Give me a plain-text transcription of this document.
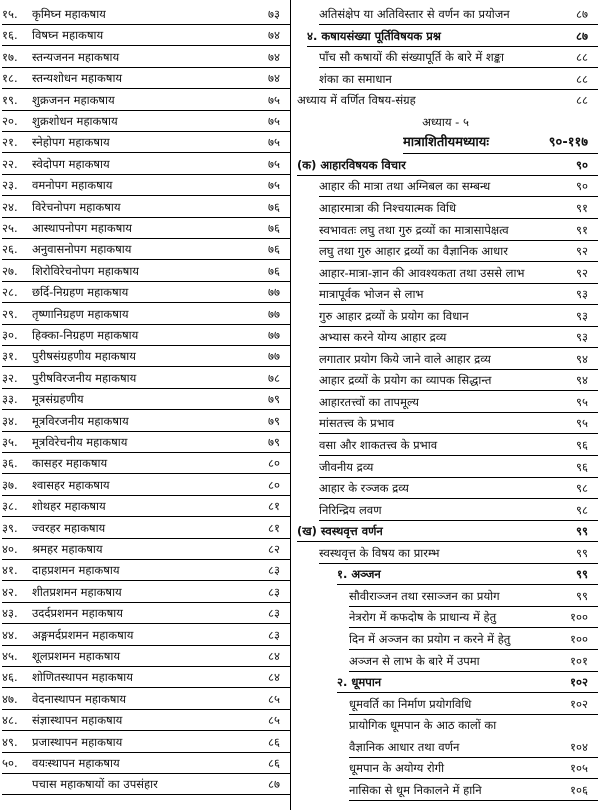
१५.	कृमिघ्न महाकषाय	७३
१६.	विषघ्न महाकषाय	७४
१७.	स्तन्यजनन महाकषाय	७४
१८.	स्तन्यशोधन महाकषाय	७४
१९.	शुक्रजनन महाकषाय	७५
२०.	शुक्रशोधन महाकषाय	७५
२१.	स्नेहोपग महाकषाय	७५
२२.	स्वेदोपग महाकषाय	७५
२३.	वमनोपग महाकषाय	७५
२४.	विरेचनोपग महाकषाय	७६
२५.	आस्थापनोपग महाकषाय	७६
२६.	अनुवासनोपग महाकषाय	७६
२७.	शिरोविरेचनोपग महाकषाय	७६
२८.	छर्दि-निग्रहण महाकषाय	७७
२९.	तृष्णानिग्रहण महाकषाय	७७
३०.	हिक्का-निग्रहण महाकषाय	७७
३१.	पुरीषसंग्रहणीय महाकषाय	७७
३२.	पुरीषविरजनीय महाकषाय	७८
३३.	मूत्रसंग्रहणीय	७९
३४.	मूत्रविरजनीय महाकषाय	७९
३५.	मूत्रविरेचनीय महाकषाय	७९
३६.	कासहर महाकषाय	८०
३७.	श्वासहर महाकषाय	८०
३८.	शोथहर महाकषाय	८१
३९.	ज्वरहर महाकषाय	८१
४०.	श्रमहर महाकषाय	८२
४१.	दाहप्रशमन महाकषाय	८३
४२.	शीतप्रशमन महाकषाय	८३
४३.	उदर्दप्रशमन महाकषाय	८३
४४.	अङ्गमर्दप्रशमन महाकषाय	८३
४५.	शूलप्रशमन महाकषाय	८४
४६.	शोणितस्थापन महाकषाय	८४
४७.	वेदनास्थापन महाकषाय	८५
४८.	संज्ञास्थापन महाकषाय	८५
४९.	प्रजास्थापन महाकषाय	८६
५०.	वयःस्थापन महाकषाय	८६
पचास महाकषायों का उपसंहार	८७
अतिसंक्षेप या अतिविस्तार से वर्णन का प्रयोजन	८७
४. कषायसंख्या पूर्तिविषयक प्रश्न	८७
पाँच सौ कषायों की संख्यापूर्ति के बारे में शङ्का	८८
शंका का समाधान	८८
अध्याय में वर्णित विषय-संग्रह	८८
अध्याय - ५
मात्राशितीयमध्यायः	९०-११७
(क) आहारविषयक विचार	९०
आहार की मात्रा तथा अग्निबल का सम्बन्ध	९०
आहारमात्रा की निश्चयात्मक विधि	९१
स्वभावतः लघु तथा गुरु द्रव्यों का मात्रासापेक्षत्व	९१
लघु तथा गुरु आहार द्रव्यों का वैज्ञानिक आधार	९२
आहार-मात्रा-ज्ञान की आवश्यकता तथा उससे लाभ	९२
मात्रापूर्वक भोजन से लाभ	९३
गुरु आहार द्रव्यों के प्रयोग का विधान	९३
अभ्यास करने योग्य आहार द्रव्य	९३
लगातार प्रयोग किये जाने वाले आहार द्रव्य	९४
आहार द्रव्यों के प्रयोग का व्यापक सिद्धान्त	९४
आहारतत्त्वों का तापमूल्य	९५
मांसतत्त्व के प्रभाव	९५
वसा और शाकतत्त्व के प्रभाव	९६
जीवनीय द्रव्य	९६
आहार के रञ्जक द्रव्य	९८
निरिन्द्रिय लवण	९८
(ख) स्वस्थवृत्त वर्णन	९९
स्वस्थवृत्त के विषय का प्रारम्भ	९९
१. अञ्जन	९९
सौवीराञ्जन तथा रसाञ्जन का प्रयोग	९९
नेत्ररोग में कफदोष के प्राधान्य में हेतु	१००
दिन में अञ्जन का प्रयोग न करने में हेतु	१००
अञ्जन से लाभ के बारे में उपमा	१०१
२. धूमपान	१०२
धूमवर्ति का निर्माण प्रयोगविधि	१०२
प्रायोगिक धूमपान के आठ कालों का
वैज्ञानिक आधार तथा वर्णन	१०४
धूमपान के अयोग्य रोगी	१०५
नासिका से धूम निकालने में हानि	१०६
